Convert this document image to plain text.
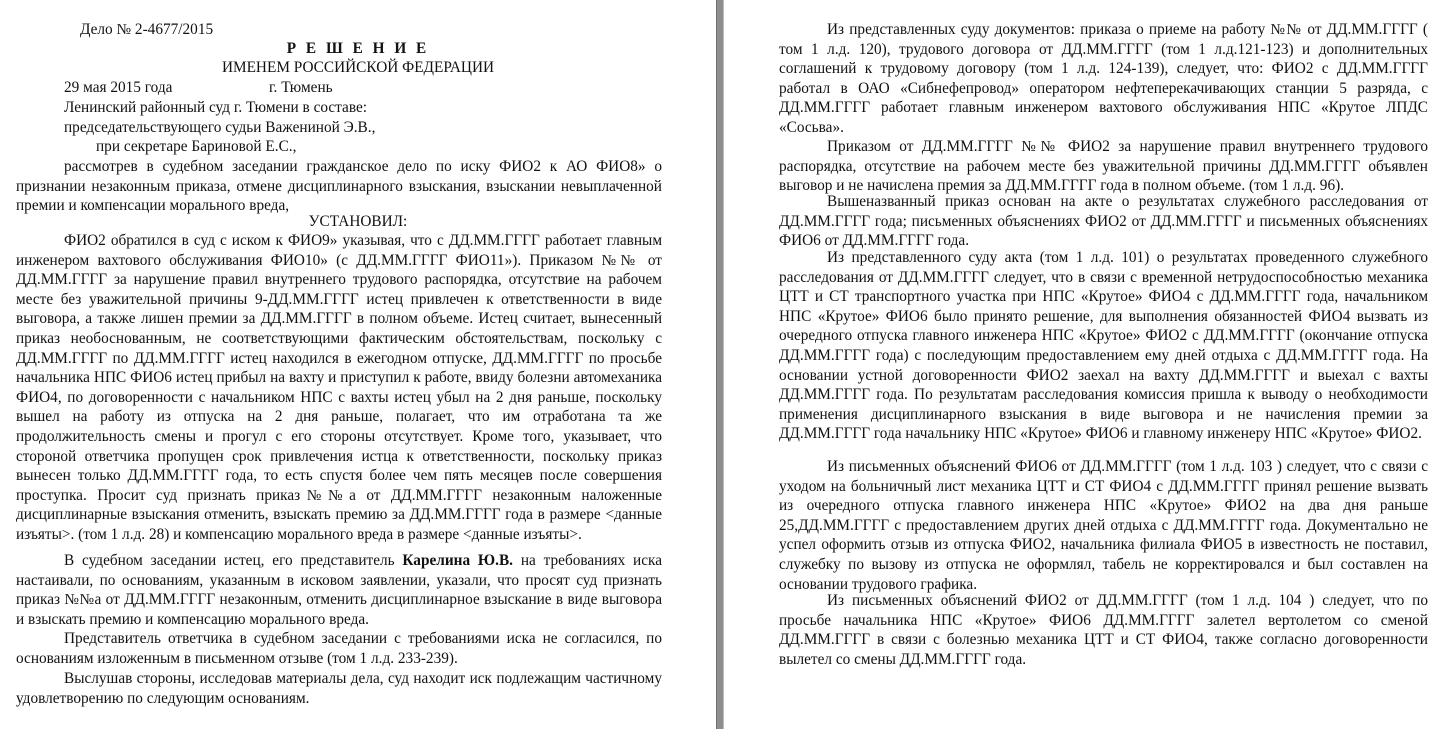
Дело № 2-4677/2015
Р Е Ш Е Н И Е
ИМЕНЕМ РОССИЙСКОЙ ФЕДЕРАЦИИ
29 мая 2015 года	г. Тюмень
Ленинский районный суд г. Тюмени в составе:
председательствующего судьи Важениной Э.В.,
при секретаре Бариновой Е.С.,
рассмотрев в судебном заседании гражданское дело по иску ФИО2 к АО ФИО8» о признании незаконным приказа, отмене дисциплинарного взыскания, взыскании невыплаченной премии и компенсации морального вреда,
УСТАНОВИЛ:
ФИО2 обратился в суд с иском к ФИО9» указывая, что с ДД.ММ.ГГГГ работает главным инженером вахтового обслуживания ФИО10» (с ДД.ММ.ГГГГ ФИО11»). Приказом №№ от ДД.ММ.ГГГГ за нарушение правил внутреннего трудового распорядка, отсутствие на рабочем месте без уважительной причины 9-ДД.ММ.ГГГГ истец привлечен к ответственности в виде выговора, а также лишен премии за ДД.ММ.ГГГГ в полном объеме. Истец считает, вынесенный приказ необоснованным, не соответствующими фактическим обстоятельствам, поскольку с ДД.ММ.ГГГГ по ДД.ММ.ГГГГ истец находился в ежегодном отпуске, ДД.ММ.ГГГГ по просьбе начальника НПС ФИО6 истец прибыл на вахту и приступил к работе, ввиду болезни автомеханика ФИО4, по договоренности с начальником НПС с вахты истец убыл на 2 дня раньше, поскольку вышел на работу из отпуска на 2 дня раньше, полагает, что им отработана та же продолжительность смены и прогул с его стороны отсутствует. Кроме того, указывает, что стороной ответчика пропущен срок привлечения истца к ответственности, поскольку приказ вынесен только ДД.ММ.ГГГГ года, то есть спустя более чем пять месяцев после совершения проступка. Просит суд признать приказ№№а от ДД.ММ.ГГГГ незаконным наложенные дисциплинарные взыскания отменить, взыскать премию за ДД.ММ.ГГГГ года в размере <данные изъяты>. (том 1 л.д. 28) и компенсацию морального вреда в размере <данные изъяты>.
В судебном заседании истец, его представитель Карелина Ю.В. на требованиях иска настаивали, по основаниям, указанным в исковом заявлении, указали, что просят суд признать приказ №№а от ДД.ММ.ГГГГ незаконным, отменить дисциплинарное взыскание в виде выговора и взыскать премию и компенсацию морального вреда.
Представитель ответчика в судебном заседании с требованиями иска не согласился, по основаниям изложенным в письменном отзыве (том 1 л.д. 233-239).
Выслушав стороны, исследовав материалы дела, суд находит иск подлежащим частичному удовлетворению по следующим основаниям.
Из представленных суду документов: приказа о приеме на работу №№ от ДД.ММ.ГГГГ ( том 1 л.д. 120), трудового договора от ДД.ММ.ГГГГ (том 1 л.д.121-123) и дополнительных соглашений к трудовому договору (том 1 л.д. 124-139), следует, что: ФИО2 с ДД.ММ.ГГГГ работал в ОАО «Сибнефепровод» оператором нефтеперекачивающих станции 5 разряда, с ДД.ММ.ГГГГ работает главным инженером вахтового обслуживания НПС «Крутое ЛПДС «Сосьва».
Приказом от ДД.ММ.ГГГГ №№ ФИО2 за нарушение правил внутреннего трудового распорядка, отсутствие на рабочем месте без уважительной причины ДД.ММ.ГГГГ объявлен выговор и не начислена премия за ДД.ММ.ГГГГ года в полном объеме. (том 1 л.д. 96).
Вышеназванный приказ основан на акте о результатах служебного расследования от ДД.ММ.ГГГГ года; письменных объяснениях ФИО2 от ДД.ММ.ГГГГ и письменных объяснениях ФИО6 от ДД.ММ.ГГГГ года.
Из представленного суду акта (том 1 л.д. 101) о результатах проведенного служебного расследования от ДД.ММ.ГГГГ следует, что в связи с временной нетрудоспособностью механика ЦТТ и СТ транспортного участка при НПС «Крутое» ФИО4 с ДД.ММ.ГГГГ года, начальником НПС «Крутое» ФИО6 было принято решение, для выполнения обязанностей ФИО4 вызвать из очередного отпуска главного инженера НПС «Крутое» ФИО2 с ДД.ММ.ГГГГ (окончание отпуска ДД.ММ.ГГГГ года) с последующим предоставлением ему дней отдыха с ДД.ММ.ГГГГ года. На основании устной договоренности ФИО2 заехал на вахту ДД.ММ.ГГГГ и выехал с вахты ДД.ММ.ГГГГ года. По результатам расследования комиссия пришла к выводу о необходимости применения дисциплинарного взыскания в виде выговора и не начисления премии за ДД.ММ.ГГГГ года начальнику НПС «Крутое» ФИО6 и главному инженеру НПС «Крутое» ФИО2.
Из письменных объяснений ФИО6 от ДД.ММ.ГГГГ (том 1 л.д. 103 ) следует, что с связи с уходом на больничный лист механика ЦТТ и СТ ФИО4 с ДД.ММ.ГГГГ принял решение вызвать из очередного отпуска главного инженера НПС «Крутое» ФИО2 на два дня раньше 25,ДД.ММ.ГГГГ с предоставлением других дней отдыха с ДД.ММ.ГГГГ года. Документально не успел оформить отзыв из отпуска ФИО2, начальника филиала ФИО5 в известность не поставил, служебку по вызову из отпуска не оформлял, табель не корректировался и был составлен на основании трудового графика.
Из письменных объяснений ФИО2 от ДД.ММ.ГГГГ (том 1 л.д. 104 ) следует, что по просьбе начальника НПС «Крутое» ФИО6 ДД.ММ.ГГГГ залетел вертолетом со сменой ДД.ММ.ГГГГ в связи с болезнью механика ЦТТ и СТ ФИО4, также согласно договоренности вылетел со смены ДД.ММ.ГГГГ года.
